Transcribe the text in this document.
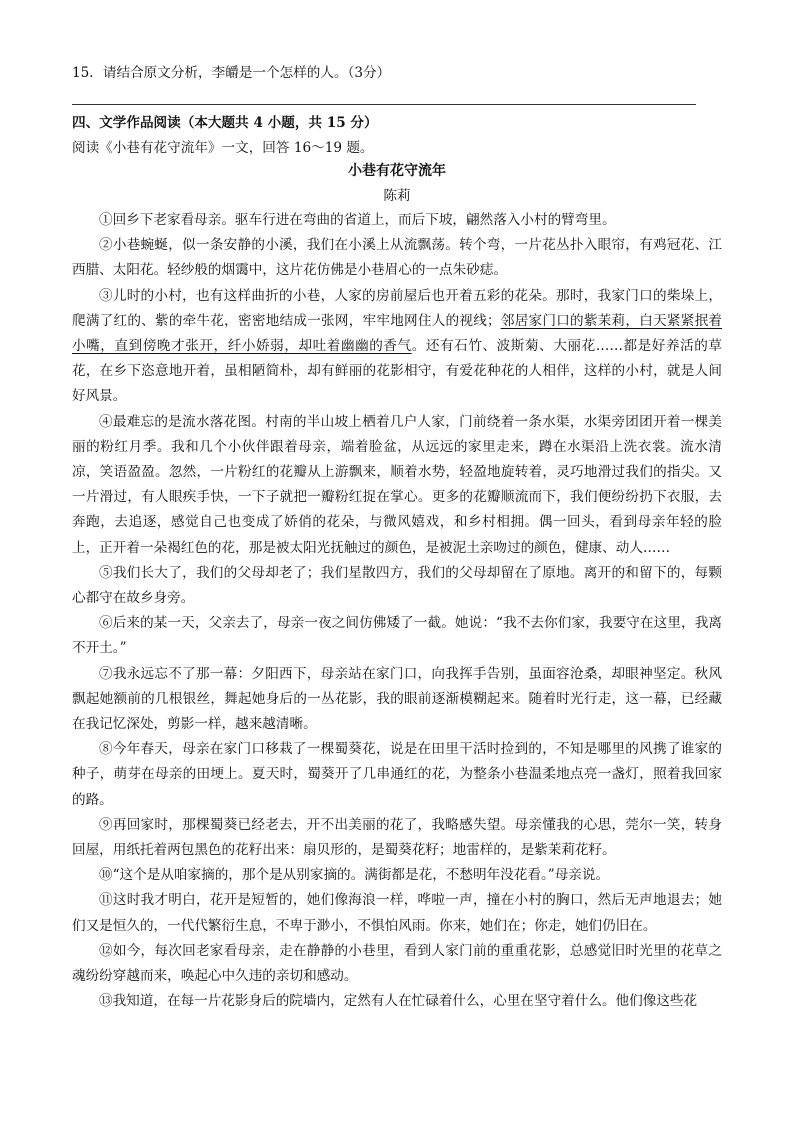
15．请结合原文分析，李皭是一个怎样的人。（3分）
四、文学作品阅读（本大题共 4 小题，共 15 分）
阅读《小巷有花守流年》一文，回答 16～19 题。
小巷有花守流年
陈莉

①回乡下老家看母亲。驱车行进在弯曲的省道上，而后下坡，翩然落入小村的臂弯里。

②小巷蜿蜒，似一条安静的小溪，我们在小溪上从流飘荡。转个弯，一片花丛扑入眼帘，有鸡冠花、江西腊、太阳花。轻纱般的烟霭中，这片花仿佛是小巷眉心的一点朱砂痣。

③儿时的小村，也有这样曲折的小巷，人家的房前屋后也开着五彩的花朵。那时，我家门口的柴垛上，爬满了红的、紫的牵牛花，密密地结成一张网，牢牢地网住人的视线；邻居家门口的紫茉莉，白天紧紧抿着小嘴，直到傍晚才张开，纤小娇弱，却吐着幽幽的香气。还有石竹、波斯菊、大丽花……都是好养活的草花，在乡下恣意地开着，虽相陋简朴，却有鲜丽的花影相守，有爱花种花的人相伴，这样的小村，就是人间好风景。

④最难忘的是流水落花图。村南的半山坡上栖着几户人家，门前绕着一条水渠，水渠旁团团开着一棵美丽的粉红月季。我和几个小伙伴跟着母亲，端着脸盆，从远远的家里走来，蹲在水渠沿上洗衣裳。流水清凉，笑语盈盈。忽然，一片粉红的花瓣从上游飘来，顺着水势，轻盈地旋转着，灵巧地滑过我们的指尖。又一片滑过，有人眼疾手快，一下子就把一瓣粉红捉在掌心。更多的花瓣顺流而下，我们便纷纷扔下衣服，去奔跑，去追逐，感觉自己也变成了娇俏的花朵，与微风嬉戏，和乡村相拥。偶一回头，看到母亲年轻的脸上，正开着一朵褐红色的花，那是被太阳光抚触过的颜色，是被泥土亲吻过的颜色，健康、动人……

⑤我们长大了，我们的父母却老了；我们星散四方，我们的父母却留在了原地。离开的和留下的，每颗心都守在故乡身旁。

⑥后来的某一天，父亲去了，母亲一夜之间仿佛矮了一截。她说：“我不去你们家，我要守在这里，我离不开土。”

⑦我永远忘不了那一幕：夕阳西下，母亲站在家门口，向我挥手告别，虽面容沧桑，却眼神坚定。秋风飘起她额前的几根银丝，舞起她身后的一丛花影，我的眼前逐渐模糊起来。随着时光行走，这一幕，已经藏在我记忆深处，剪影一样，越来越清晰。

⑧今年春天，母亲在家门口移栽了一棵蜀葵花，说是在田里干活时捡到的，不知是哪里的风携了谁家的种子，萌芽在母亲的田埂上。夏天时，蜀葵开了几串通红的花，为整条小巷温柔地点亮一盏灯，照着我回家的路。

⑨再回家时，那棵蜀葵已经老去，开不出美丽的花了，我略感失望。母亲懂我的心思，莞尔一笑，转身回屋，用纸托着两包黑色的花籽出来：扇贝形的，是蜀葵花籽；地雷样的，是紫茉莉花籽。

⑩“这个是从咱家摘的，那个是从别家摘的。满街都是花，不愁明年没花看。”母亲说。

⑪这时我才明白，花开是短暂的，她们像海浪一样，哗啦一声，撞在小村的胸口，然后无声地退去；她们又是恒久的，一代代繁衍生息，不卑于渺小，不惧怕风雨。你来，她们在；你走，她们仍旧在。

⑫如今，每次回老家看母亲，走在静静的小巷里，看到人家门前的重重花影，总感觉旧时光里的花草之魂纷纷穿越而来，唤起心中久违的亲切和感动。

⑬我知道，在每一片花影身后的院墙内，定然有人在忙碌着什么，心里在坚守着什么。他们像这些花
